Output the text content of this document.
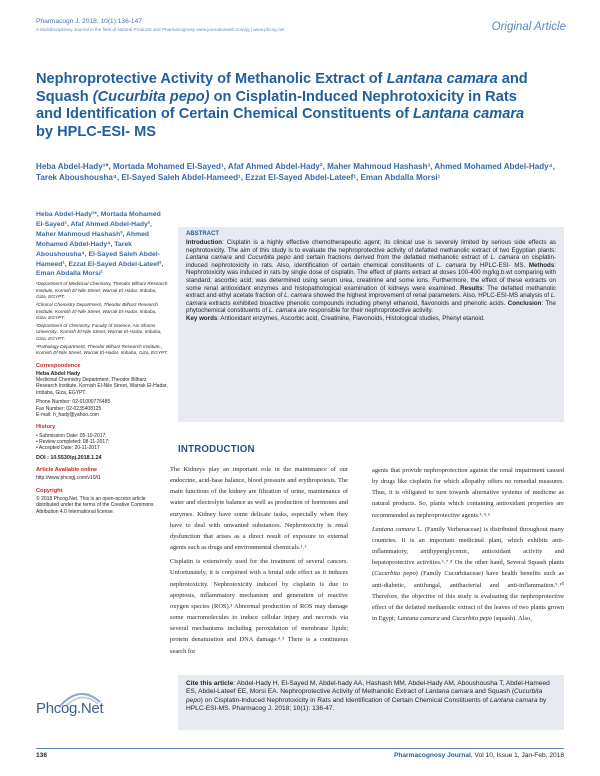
Pharmacogn J. 2018; 10(1):136-147
A Multidisciplinary Journal in the field of Natural Products and Pharmacognosy www.journalonweb.com/pj | www.phcog.net	Original Article
Nephroprotective Activity of Methanolic Extract of Lantana camara and Squash (Cucurbita pepo) on Cisplatin-Induced Nephrotoxicity in Rats and Identification of Certain Chemical Constituents of Lantana camara by HPLC-ESI- MS
Heba Abdel-Hady¹*, Mortada Mohamed El-Sayed¹, Afaf Ahmed Abdel-Hady², Maher Mahmoud Hashash³, Ahmed Mohamed Abdel-Hady⁴, Tarek Aboushousha⁴, El-Sayed Saleh Abdel-Hameed¹, Ezzat El-Sayed Abdel-Lateef¹, Eman Abdalla Morsi¹
Heba Abdel-Hady¹*, Mortada Mohamed El-Sayed¹, Afaf Ahmed Abdel-Hady², Maher Mahmoud Hashash³, Ahmed Mohamed Abdel-Hady⁴, Tarek Aboushousha⁴, El-Sayed Saleh Abdel-Hameed¹, Ezzat El-Sayed Abdel-Lateef¹, Eman Abdalla Morsi¹
¹Department of Medicinal Chemistry, Theodor Bilharz Research Institute, Kornish El-Nile Street, Warrak El-Hadar, Imbaba, Giza, EGYPT.
²Clinical Chemistry Department, Theodor Bilharz Research Institute, Kornish El-Nile Street, Warrak El-Hadar, Imbaba, Giza, EGYPT.
³Department of Chemistry, Faculty of Science, Ain Shams University., Kornish El-Nile Street, Warrak El-Hadar, Imbaba, Giza, EGYPT.
⁴Pathology Department, Theodor Bilharz Research Institute., Kornish El-Nile Street, Warrak El-Hadar, Imbaba, Giza, EGYPT.
Correspondence
Heba Abdel Hady
Medicinal Chemistry Department, Theodor Bilharz Research Institute, Kornish El-Nile Street, Warrak El-Hadar, Imbaba, Giza, EGYPT.
Phone Number: 02-01000776485
Fax Number: 02-0235408125
E-mail: h_hady@yahoo.com
History
• Submission Date: 05-10-2017;
• Review completed: 08-11-2017;
• Accepted Date: 20-11-2017
DOI : 10.5530/pj.2018.1.24
Article Available online
http://www.phcogj.com/v10/i1
Copyright
© 2018 Phcog.Net. This is an open-access article distributed under the terms of the Creative Commons Attribution 4.0 International license.
ABSTRACT
Introduction: Cisplatin is a highly effective chemotherapeutic agent; its clinical use is severely limited by serious side effects as nephrotoxicity. The aim of this study is to evaluate the nephroprotective activity of defatted methanolic extract of two Egyptian plants: Lantana camara and Cucurbita pepo and certain fractions derived from the defatted methanolic extract of L. camara on cisplatin-induced nephrotoxicity in rats. Also, identification of certain chemical constituents of L. camara by HPLC-ESI- MS. Methods: Nephrotoxicity was induced in rats by single dose of cisplatin. The effect of plants extract at doses 100-400 mg/kg.b.wt comparing with standard; ascorbic acid; was determined using serum urea, creatinine and some ions. Furthermore, the effect of these extracts on some renal antioxidant enzymes and histopathological examination of kidneys were examined. Results: The defatted methanolic extract and ethyl acetate fraction of L. camara showed the highest improvement of renal parameters. Also, HPLC-ESI-MS analysis of L. camara extracts exhibited bioactive phenolic compounds including phenyl ethanoid, flavonoids and phenolic acids. Conclusion: The phytochemical constituents of L. camara are responsible for their nephroprotective activity.
Key words: Antioxidant enzymes, Ascorbic acid, Creatinine, Flavonoids, Histological studies, Phenyl etanoid.
INTRODUCTION

The Kidneys play an important role in the maintenance of our endocrine, acid-base balance, blood pressure and erythropoiesis. The main functions of the kidney are filtration of urine, maintenance of water and electrolyte balance as well as production of hormones and enzymes. Kidney have some delicate tasks, especially when they have to deal with unwanted substances. Nephrotoxicity is renal dysfunction that arises as a direct result of exposure to external agents such as drugs and environmental chemicals.¹˒²

Cisplatin is extensively used for the treatment of several cancers. Unfortunately, it is conjoined with a brutal side effect as it induces nephrotoxicity. Nephrotoxicity induced by cisplatin is due to apoptosis, inflammatory mechanism and generation of reactive oxygen species (ROS).³ Abnormal production of ROS may damage some macromolecules to induce cellular injury and necrosis via several mechanisms including peroxidation of membrane lipids; protein denaturation and DNA damage.⁴˒⁵ There is a continuous search for

agents that provide nephroprotection against the renal impairment caused by drugs like cisplatin for which allopathy offers no remedial measures. Thus, it is obligated to turn towards alternative systems of medicine as natural products. So, plants which containing antioxidant properties are recommended as nephroprotective agents.³˒⁴˒⁵

Lantana camara L. (Family Verbenaceae) is distributed throughout many countries. It is an important medicinal plant, which exhibits anti-inflammatory, antihyperglycemic, antioxidant activity and hepatoprotective activities.⁶˒⁷˒⁸ On the other hand, Several Squash plants (Cucurbita pepo) (Family Cucurbitaceae) have health benefits such as anti-diabetic, antifungal, antibacterial and anti-inflammation.⁹˒¹⁰ Therefore, the objective of this study is evaluating the nephroprotective effect of the defatted methanolic extract of the leaves of two plants grown in Egypt; Lantana camara and Cucurbita pepo (squash). Also,

Phcog.Net
Cite this article: Abdel-Hady H, El-Sayed M, Abdel-hady AA, Hashash MM, Abdel-Hady AM, Aboushousha T, Abdel-Hameed ES, Abdel-Lateef EE, Morsi EA. Nephroprotective Activity of Methanolic Extract of Lantana camara and Squash (Cucurbita pepo) on Cisplatin-Induced Nephrotoxicity in Rats and Identification of Certain Chemical Constituents of Lantana camara by HPLC-ESI-MS. Pharmacog J. 2018; 10(1): 136-47.
136	Pharmacognosy Journal, Vol 10, Issue 1, Jan-Feb, 2018
